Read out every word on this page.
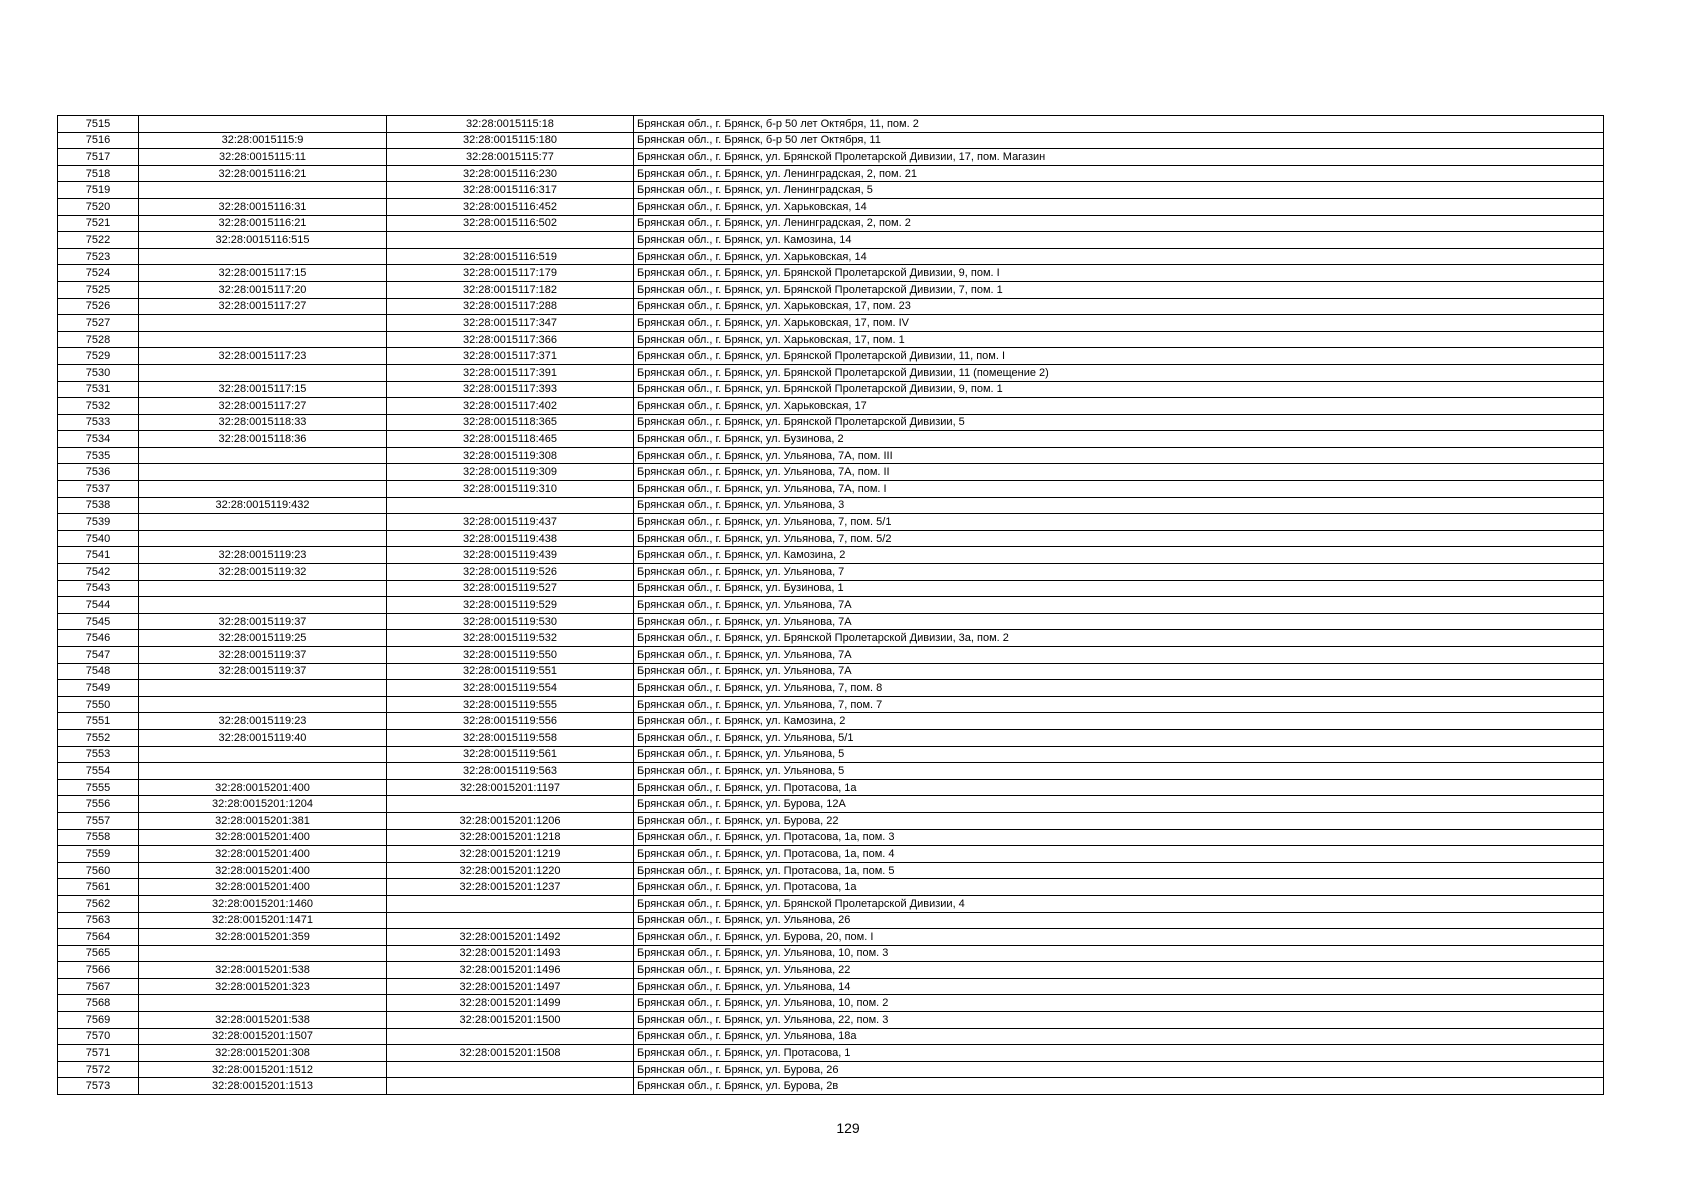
7515		32:28:0015115:18	Брянская обл., г. Брянск, б-р 50 лет Октября, 11, пом. 2
7516	32:28:0015115:9	32:28:0015115:180	Брянская обл., г. Брянск, б-р 50 лет Октября, 11
7517	32:28:0015115:11	32:28:0015115:77	Брянская обл., г. Брянск, ул. Брянской Пролетарской Дивизии, 17, пом. Магазин
7518	32:28:0015116:21	32:28:0015116:230	Брянская обл., г. Брянск, ул. Ленинградская, 2, пом. 21
7519		32:28:0015116:317	Брянская обл., г. Брянск, ул. Ленинградская, 5
7520	32:28:0015116:31	32:28:0015116:452	Брянская обл., г. Брянск, ул. Харьковская, 14
7521	32:28:0015116:21	32:28:0015116:502	Брянская обл., г. Брянск, ул. Ленинградская, 2, пом. 2
7522	32:28:0015116:515		Брянская обл., г. Брянск, ул. Камозина, 14
7523		32:28:0015116:519	Брянская обл., г. Брянск, ул. Харьковская, 14
7524	32:28:0015117:15	32:28:0015117:179	Брянская обл., г. Брянск, ул. Брянской Пролетарской Дивизии, 9, пом. I
7525	32:28:0015117:20	32:28:0015117:182	Брянская обл., г. Брянск, ул. Брянской Пролетарской Дивизии, 7, пом. 1
7526	32:28:0015117:27	32:28:0015117:288	Брянская обл., г. Брянск, ул. Харьковская, 17, пом. 23
7527		32:28:0015117:347	Брянская обл., г. Брянск, ул. Харьковская, 17, пом. IV
7528		32:28:0015117:366	Брянская обл., г. Брянск, ул. Харьковская, 17, пом. 1
7529	32:28:0015117:23	32:28:0015117:371	Брянская обл., г. Брянск, ул. Брянской Пролетарской Дивизии, 11, пом. I
7530		32:28:0015117:391	Брянская обл., г. Брянск, ул. Брянской Пролетарской Дивизии, 11 (помещение 2)
7531	32:28:0015117:15	32:28:0015117:393	Брянская обл., г. Брянск, ул. Брянской Пролетарской Дивизии, 9, пом. 1
7532	32:28:0015117:27	32:28:0015117:402	Брянская обл., г. Брянск, ул. Харьковская, 17
7533	32:28:0015118:33	32:28:0015118:365	Брянская обл., г. Брянск, ул. Брянской Пролетарской Дивизии, 5
7534	32:28:0015118:36	32:28:0015118:465	Брянская обл., г. Брянск, ул. Бузинова, 2
7535		32:28:0015119:308	Брянская обл., г. Брянск, ул. Ульянова, 7А, пом. III
7536		32:28:0015119:309	Брянская обл., г. Брянск, ул. Ульянова, 7А, пом. II
7537		32:28:0015119:310	Брянская обл., г. Брянск, ул. Ульянова, 7А, пом. I
7538	32:28:0015119:432		Брянская обл., г. Брянск, ул. Ульянова, 3
7539		32:28:0015119:437	Брянская обл., г. Брянск, ул. Ульянова, 7, пом. 5/1
7540		32:28:0015119:438	Брянская обл., г. Брянск, ул. Ульянова, 7, пом. 5/2
7541	32:28:0015119:23	32:28:0015119:439	Брянская обл., г. Брянск, ул. Камозина, 2
7542	32:28:0015119:32	32:28:0015119:526	Брянская обл., г. Брянск, ул. Ульянова, 7
7543		32:28:0015119:527	Брянская обл., г. Брянск, ул. Бузинова, 1
7544		32:28:0015119:529	Брянская обл., г. Брянск, ул. Ульянова, 7А
7545	32:28:0015119:37	32:28:0015119:530	Брянская обл., г. Брянск, ул. Ульянова, 7А
7546	32:28:0015119:25	32:28:0015119:532	Брянская обл., г. Брянск, ул. Брянской Пролетарской Дивизии, 3а, пом. 2
7547	32:28:0015119:37	32:28:0015119:550	Брянская обл., г. Брянск, ул. Ульянова, 7А
7548	32:28:0015119:37	32:28:0015119:551	Брянская обл., г. Брянск, ул. Ульянова, 7А
7549		32:28:0015119:554	Брянская обл., г. Брянск, ул. Ульянова, 7, пом. 8
7550		32:28:0015119:555	Брянская обл., г. Брянск, ул. Ульянова, 7, пом. 7
7551	32:28:0015119:23	32:28:0015119:556	Брянская обл., г. Брянск, ул. Камозина, 2
7552	32:28:0015119:40	32:28:0015119:558	Брянская обл., г. Брянск, ул. Ульянова, 5/1
7553		32:28:0015119:561	Брянская обл., г. Брянск, ул. Ульянова, 5
7554		32:28:0015119:563	Брянская обл., г. Брянск, ул. Ульянова, 5
7555	32:28:0015201:400	32:28:0015201:1197	Брянская обл., г. Брянск, ул. Протасова, 1а
7556	32:28:0015201:1204		Брянская обл., г. Брянск, ул. Бурова, 12А
7557	32:28:0015201:381	32:28:0015201:1206	Брянская обл., г. Брянск, ул. Бурова, 22
7558	32:28:0015201:400	32:28:0015201:1218	Брянская обл., г. Брянск, ул. Протасова, 1а, пом. 3
7559	32:28:0015201:400	32:28:0015201:1219	Брянская обл., г. Брянск, ул. Протасова, 1а, пом. 4
7560	32:28:0015201:400	32:28:0015201:1220	Брянская обл., г. Брянск, ул. Протасова, 1а, пом. 5
7561	32:28:0015201:400	32:28:0015201:1237	Брянская обл., г. Брянск, ул. Протасова, 1а
7562	32:28:0015201:1460		Брянская обл., г. Брянск, ул. Брянской Пролетарской Дивизии, 4
7563	32:28:0015201:1471		Брянская обл., г. Брянск, ул. Ульянова, 26
7564	32:28:0015201:359	32:28:0015201:1492	Брянская обл., г. Брянск, ул. Бурова, 20, пом. I
7565		32:28:0015201:1493	Брянская обл., г. Брянск, ул. Ульянова, 10, пом. 3
7566	32:28:0015201:538	32:28:0015201:1496	Брянская обл., г. Брянск, ул. Ульянова, 22
7567	32:28:0015201:323	32:28:0015201:1497	Брянская обл., г. Брянск, ул. Ульянова, 14
7568		32:28:0015201:1499	Брянская обл., г. Брянск, ул. Ульянова, 10, пом. 2
7569	32:28:0015201:538	32:28:0015201:1500	Брянская обл., г. Брянск, ул. Ульянова, 22, пом. 3
7570	32:28:0015201:1507		Брянская обл., г. Брянск, ул. Ульянова, 18а
7571	32:28:0015201:308	32:28:0015201:1508	Брянская обл., г. Брянск, ул. Протасова, 1
7572	32:28:0015201:1512		Брянская обл., г. Брянск, ул. Бурова, 26
7573	32:28:0015201:1513		Брянская обл., г. Брянск, ул. Бурова, 2в
129
